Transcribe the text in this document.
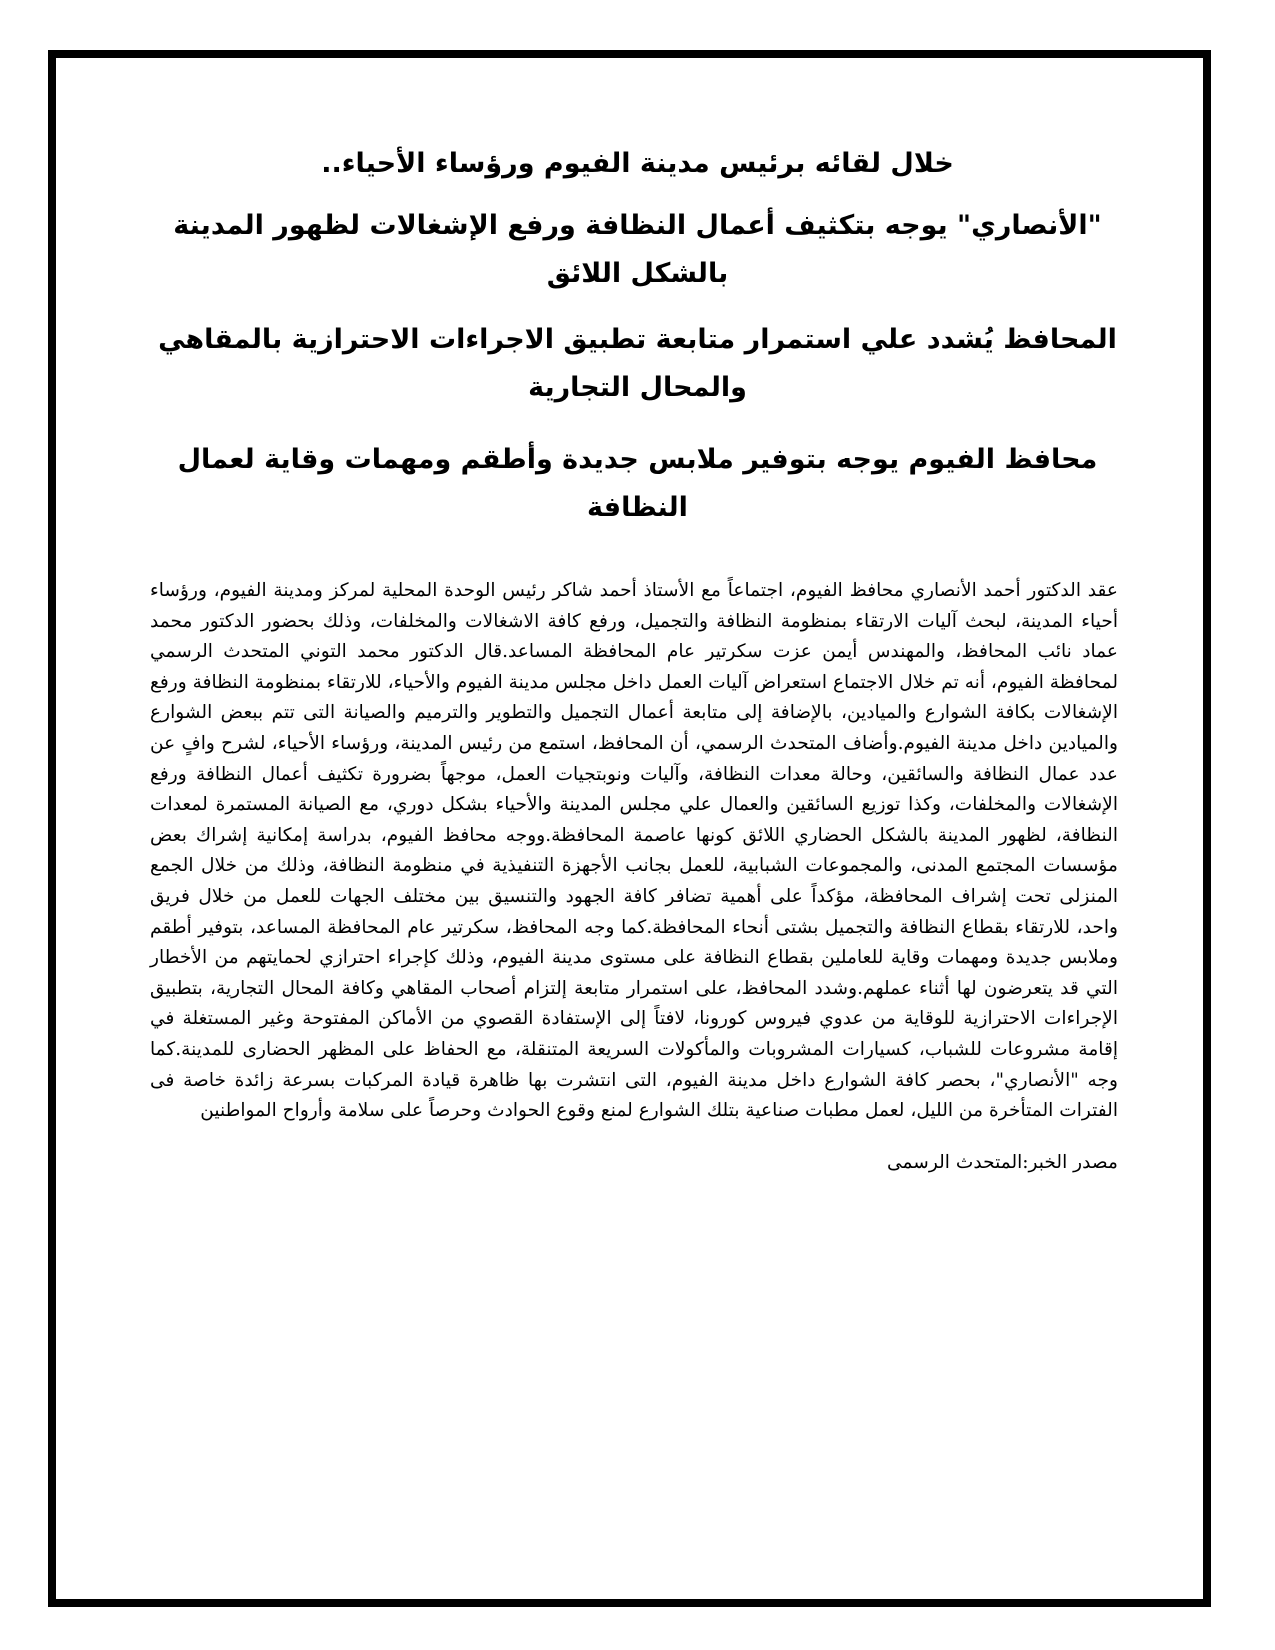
خلال لقائه برئيس مدينة الفيوم ورؤساء الأحياء..

"الأنصاري" يوجه بتكثيف أعمال النظافة ورفع الإشغالات لظهور المدينة بالشكل اللائق

المحافظ يُشدد علي استمرار متابعة تطبيق الاجراءات الاحترازية بالمقاهي والمحال التجارية

محافظ الفيوم يوجه بتوفير ملابس جديدة وأطقم ومهمات وقاية لعمال النظافة

عقد الدكتور أحمد الأنصاري محافظ الفيوم، اجتماعاً مع الأستاذ أحمد شاكر رئيس الوحدة المحلية لمركز ومدينة الفيوم، ورؤساء أحياء المدينة، لبحث آليات الارتقاء بمنظومة النظافة والتجميل، ورفع كافة الاشغالات والمخلفات، وذلك بحضور الدكتور محمد عماد نائب المحافظ، والمهندس أيمن عزت سكرتير عام المحافظة المساعد.قال الدكتور محمد التوني المتحدث الرسمي لمحافظة الفيوم، أنه تم خلال الاجتماع استعراض آليات العمل داخل مجلس مدينة الفيوم والأحياء، للارتقاء بمنظومة النظافة ورفع الإشغالات بكافة الشوارع والميادين، بالإضافة إلى متابعة أعمال التجميل والتطوير والترميم والصيانة التى تتم ببعض الشوارع والميادين داخل مدينة الفيوم.وأضاف المتحدث الرسمي، أن المحافظ، استمع من رئيس المدينة، ورؤساء الأحياء، لشرح وافٍ عن عدد عمال النظافة والسائقين، وحالة معدات النظافة، وآليات ونوبتجيات العمل، موجهاً بضرورة تكثيف أعمال النظافة ورفع الإشغالات والمخلفات، وكذا توزيع السائقين والعمال علي مجلس المدينة والأحياء بشكل دوري، مع الصيانة المستمرة لمعدات النظافة، لظهور المدينة بالشكل الحضاري اللائق كونها عاصمة المحافظة.ووجه محافظ الفيوم، بدراسة إمكانية إشراك بعض مؤسسات المجتمع المدنى، والمجموعات الشبابية، للعمل بجانب الأجهزة التنفيذية في منظومة النظافة، وذلك من خلال الجمع المنزلى تحت إشراف المحافظة، مؤكداً على أهمية تضافر كافة الجهود والتنسيق بين مختلف الجهات للعمل من خلال فريق واحد، للارتقاء بقطاع النظافة والتجميل بشتى أنحاء المحافظة.كما وجه المحافظ، سكرتير عام المحافظة المساعد، بتوفير أطقم وملابس جديدة ومهمات وقاية للعاملين بقطاع النظافة على مستوى مدينة الفيوم، وذلك كإجراء احترازي لحمايتهم من الأخطار التي قد يتعرضون لها أثناء عملهم.وشدد المحافظ، على استمرار متابعة إلتزام أصحاب المقاهي وكافة المحال التجارية، بتطبيق الإجراءات الاحترازية للوقاية من عدوي فيروس كورونا، لافتاً إلى الإستفادة القصوي من الأماكن المفتوحة وغير المستغلة في إقامة مشروعات للشباب، كسيارات المشروبات والمأكولات السريعة المتنقلة، مع الحفاظ على المظهر الحضارى للمدينة.كما وجه "الأنصاري"، بحصر كافة الشوارع داخل مدينة الفيوم، التى انتشرت بها ظاهرة قيادة المركبات بسرعة زائدة خاصة فى الفترات المتأخرة من الليل، لعمل مطبات صناعية بتلك الشوارع لمنع وقوع الحوادث وحرصاً على سلامة وأرواح المواطنين

مصدر الخبر:المتحدث الرسمى
